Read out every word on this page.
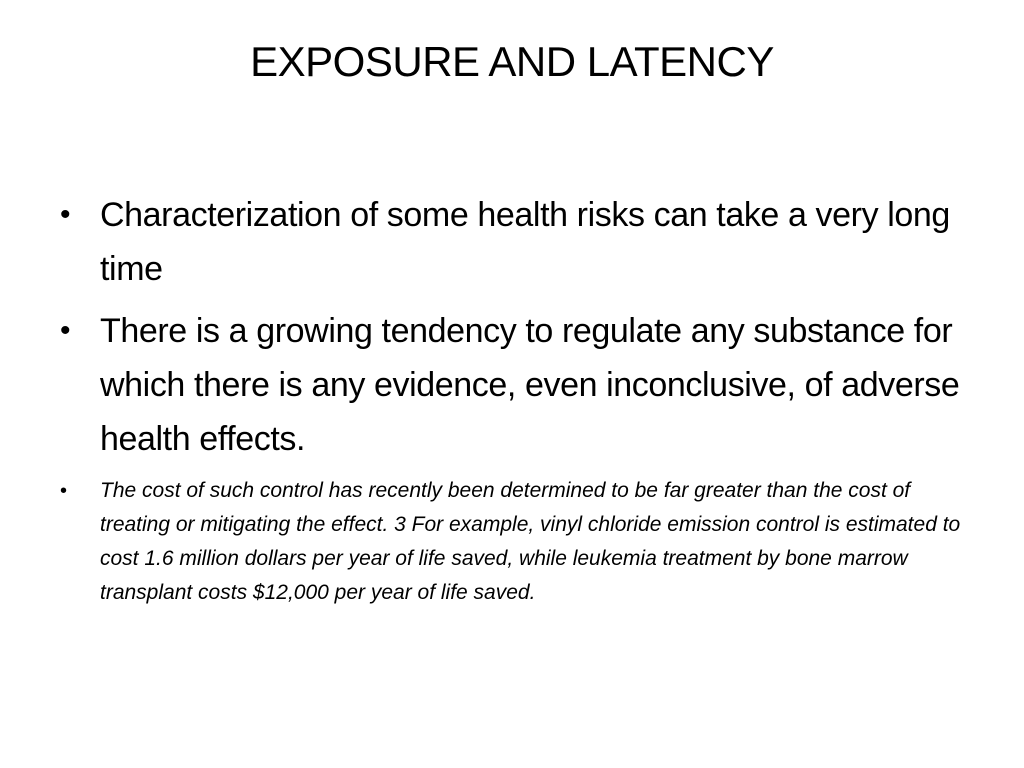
EXPOSURE AND LATENCY
• Characterization of some health risks can take a very long time
• There is a growing tendency to regulate any substance for which there is any evidence, even inconclusive, of adverse health effects.
• The cost of such control has recently been determined to be far greater than the cost of treating or mitigating the effect. 3 For example, vinyl chloride emission control is estimated to cost 1.6 million dollars per year of life saved, while leukemia treatment by bone marrow transplant costs $12,000 per year of life saved.
